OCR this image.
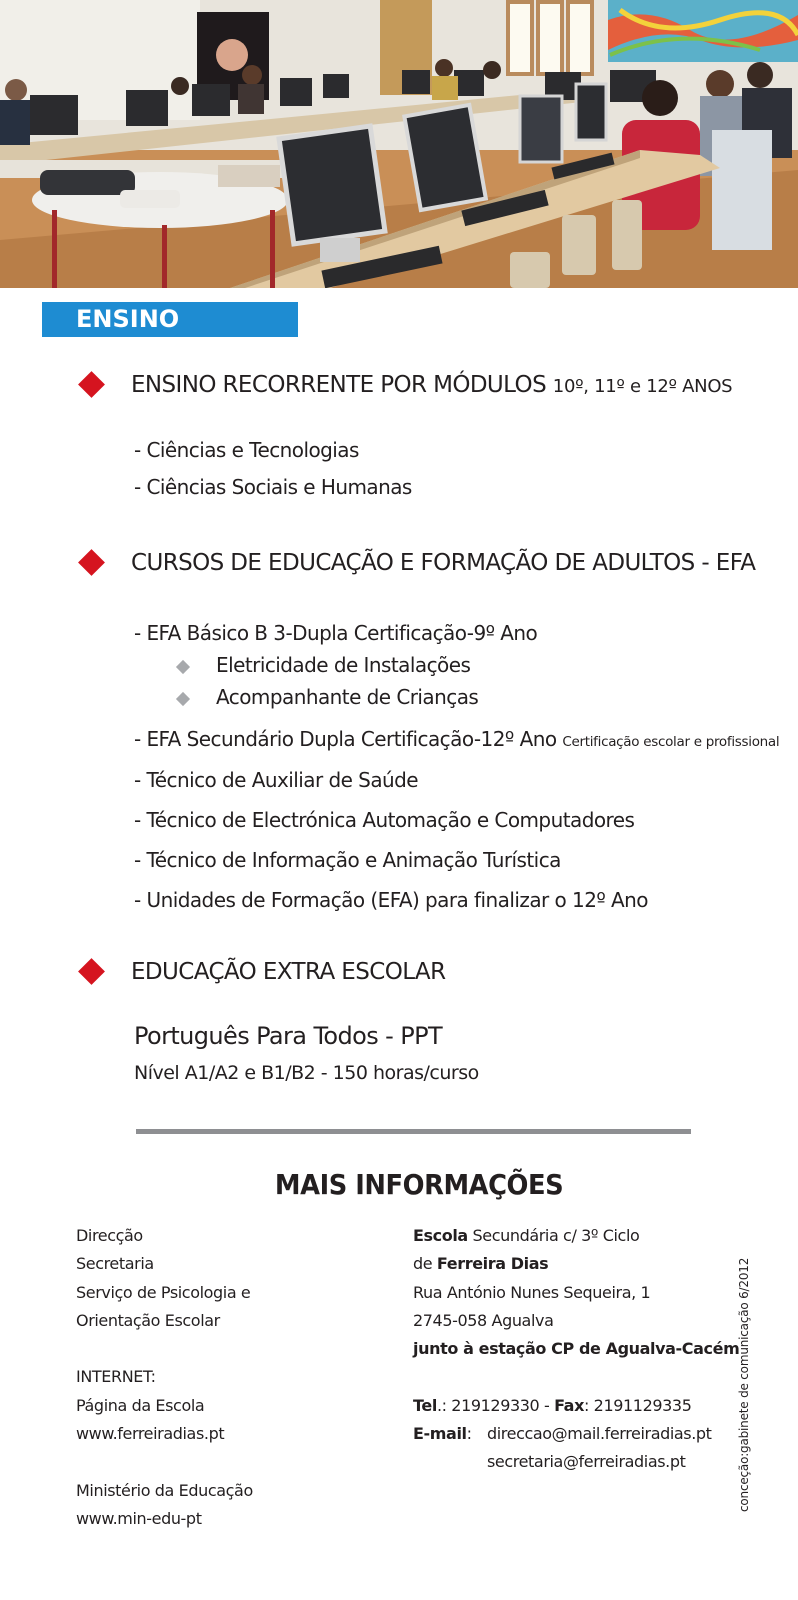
ENSINO NOTURNO
ENSINO RECORRENTE POR MÓDULOS 10º, 11º e 12º ANOS
- Ciências e Tecnologias
- Ciências Sociais e Humanas
CURSOS DE EDUCAÇÃO E FORMAÇÃO DE ADULTOS - EFA
- EFA Básico B 3-Dupla Certificação-9º Ano
Eletricidade de Instalações
Acompanhante de Crianças
- EFA Secundário Dupla Certificação-12º Ano Certificação escolar e profissional
- Técnico de Auxiliar de Saúde
- Técnico de Electrónica Automação e Computadores
- Técnico de Informação e Animação Turística
- Unidades de Formação (EFA) para finalizar o 12º Ano
EDUCAÇÃO EXTRA ESCOLAR
Português Para Todos - PPT
Nível A1/A2 e B1/B2 - 150 horas/curso
MAIS INFORMAÇÕES
Direcção
Secretaria
Serviço de Psicologia e
Orientação Escolar
INTERNET:
Página da Escola
www.ferreiradias.pt
Ministério da Educação
www.min-edu-pt
Escola Secundária c/ 3º Ciclo
de Ferreira Dias
Rua António Nunes Sequeira, 1
2745-058 Agualva
junto à estação CP de Agualva-Cacém
Tel.: 219129330 - Fax: 2191129335
E-mail: direccao@mail.ferreiradias.pt

secretaria@ferreiradias.pt	conceção:gabinete de comunicação 6/2012
